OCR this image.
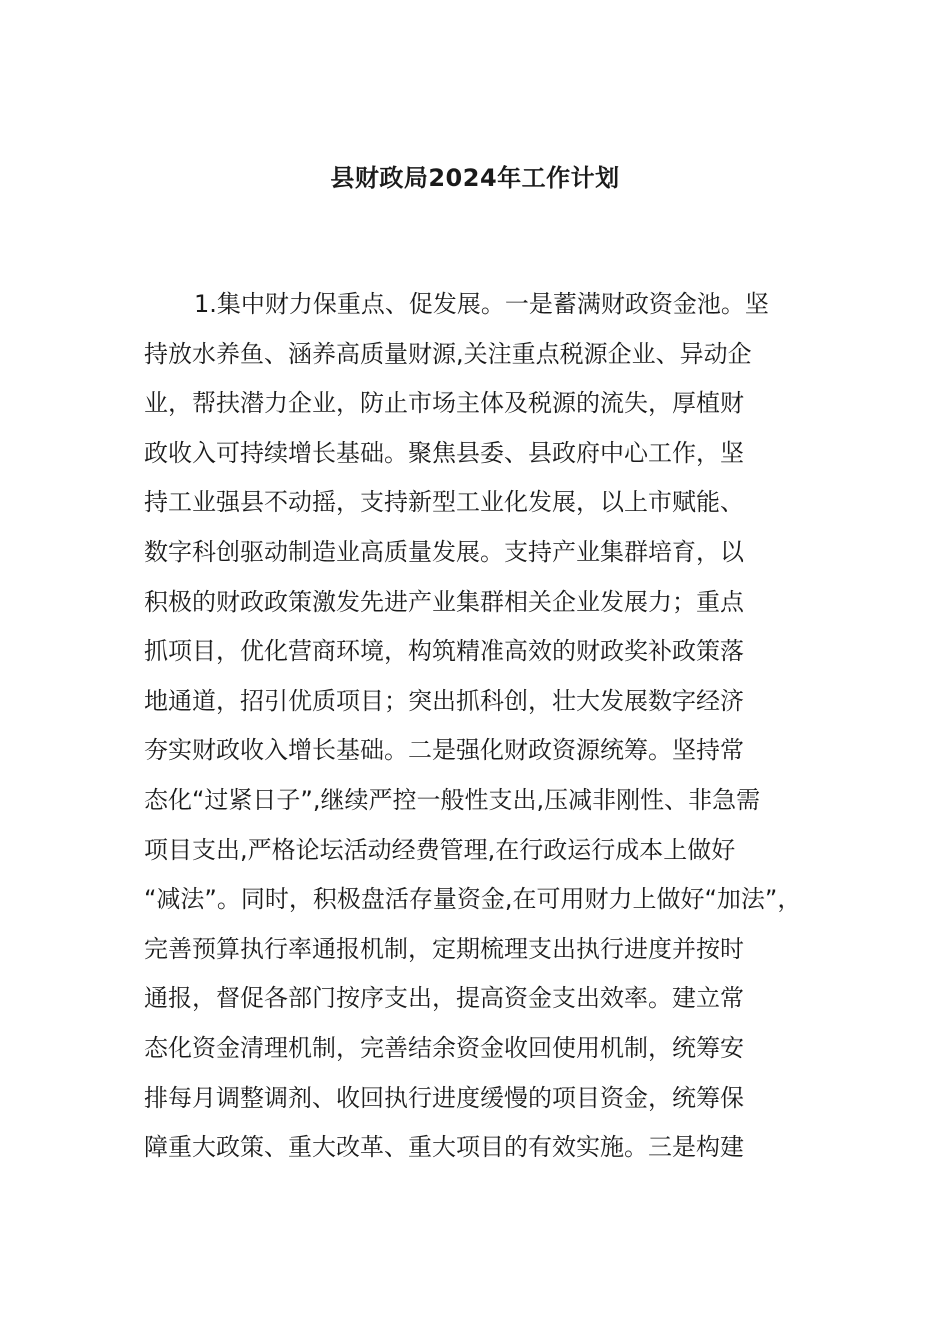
县财政局2024年工作计划
1.集中财力保重点、促发展。一是蓄满财政资金池。坚
持放水养鱼、涵养高质量财源,关注重点税源企业、异动企
业，帮扶潜力企业，防止市场主体及税源的流失，厚植财
政收入可持续增长基础。聚焦县委、县政府中心工作，坚
持工业强县不动摇，支持新型工业化发展，以上市赋能、
数字科创驱动制造业高质量发展。支持产业集群培育，以
积极的财政政策激发先进产业集群相关企业发展力；重点
抓项目，优化营商环境，构筑精准高效的财政奖补政策落
地通道，招引优质项目；突出抓科创，壮大发展数字经济
夯实财政收入增长基础。二是强化财政资源统筹。坚持常
态化“过紧日子”,继续严控一般性支出,压减非刚性、非急需
项目支出,严格论坛活动经费管理,在行政运行成本上做好
“减法”。同时，积极盘活存量资金,在可用财力上做好“加法”，
完善预算执行率通报机制，定期梳理支出执行进度并按时
通报，督促各部门按序支出，提高资金支出效率。建立常
态化资金清理机制，完善结余资金收回使用机制，统筹安
排每月调整调剂、收回执行进度缓慢的项目资金，统筹保
障重大政策、重大改革、重大项目的有效实施。三是构建
